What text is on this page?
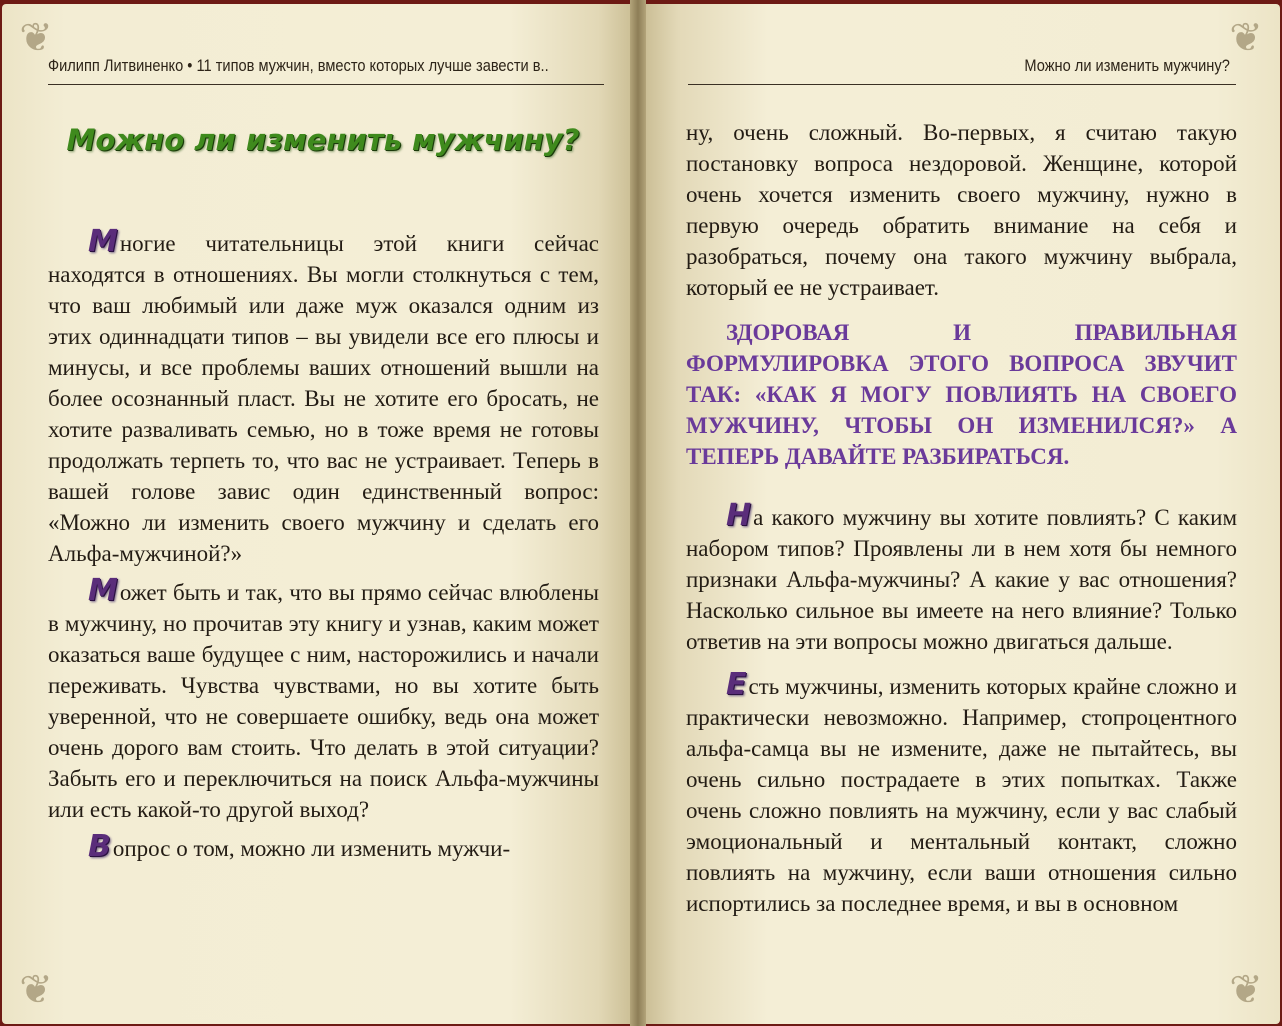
❦
❦
Филипп Литвиненко • 11 типов мужчин, вместо которых лучше завести в..
Можно ли изменить мужчину?

Многие читательницы этой книги сейчас находятся в отношениях. Вы могли столкнуться с тем, что ваш любимый или даже муж оказался одним из этих одиннадцати типов – вы увидели все его плюсы и минусы, и все проблемы ваших отношений вышли на более осознанный пласт. Вы не хотите его бросать, не хотите разваливать семью, но в тоже время не готовы продолжать терпеть то, что вас не устраивает. Теперь в вашей голове завис один единственный вопрос: «Можно ли изменить своего мужчину и сделать его Альфа-мужчиной?»

Может быть и так, что вы прямо сейчас влюблены в мужчину, но прочитав эту книгу и узнав, каким может оказаться ваше будущее с ним, насторожились и начали переживать. Чувства чувствами, но вы хотите быть уверенной, что не совершаете ошибку, ведь она может очень дорого вам стоить. Что делать в этой ситуации? Забыть его и переключиться на поиск Альфа-мужчины или есть какой-то другой выход?

Вопрос о том, можно ли изменить мужчи-

❦
❦
Можно ли изменить мужчину?

ну, очень сложный. Во-первых, я считаю такую постановку вопроса нездоровой. Женщине, которой очень хочется изменить своего мужчину, нужно в первую очередь обратить внимание на себя и разобраться, почему она такого мужчину выбрала, который ее не устраивает.

ЗДОРОВАЯ И ПРАВИЛЬНАЯ ФОРМУЛИРОВКА ЭТОГО ВОПРОСА ЗВУЧИТ ТАК: «КАК Я МОГУ ПОВЛИЯТЬ НА СВОЕГО МУЖЧИНУ, ЧТОБЫ ОН ИЗМЕНИЛСЯ?» А ТЕПЕРЬ ДАВАЙТЕ РАЗБИРАТЬСЯ.

На какого мужчину вы хотите повлиять? С каким набором типов? Проявлены ли в нем хотя бы немного признаки Альфа-мужчины? А какие у вас отношения? Насколько сильное вы имеете на него влияние? Только ответив на эти вопросы можно двигаться дальше.

Есть мужчины, изменить которых крайне сложно и практически невозможно. Например, стопроцентного альфа-самца вы не измените, даже не пытайтесь, вы очень сильно пострадаете в этих попытках. Также очень сложно повлиять на мужчину, если у вас слабый эмоциональный и ментальный контакт, сложно повлиять на мужчину, если ваши отношения сильно испортились за последнее время, и вы в основном
